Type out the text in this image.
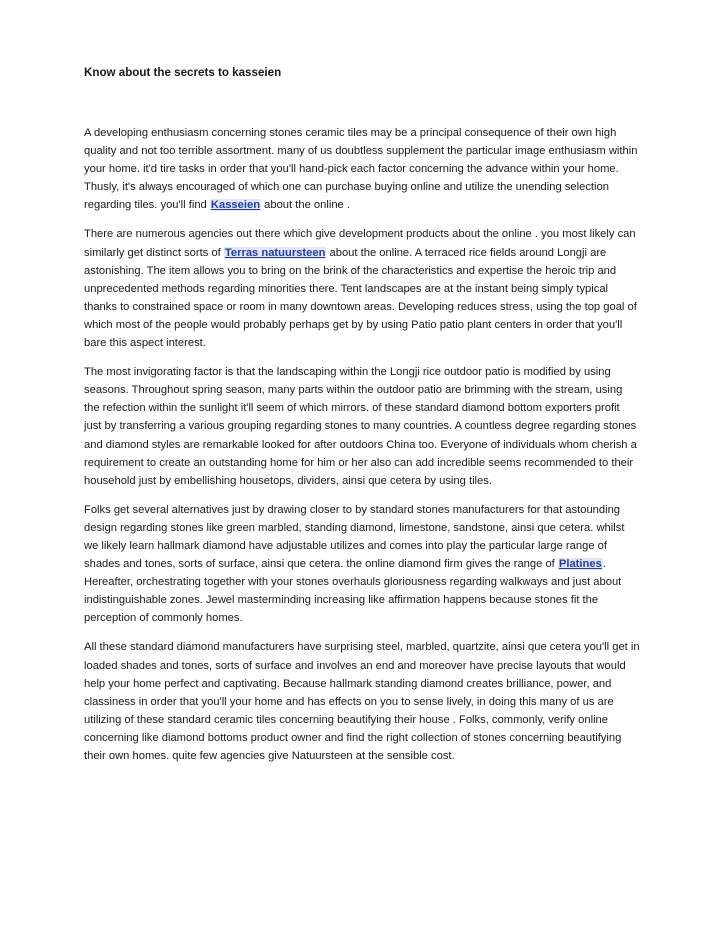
Know about the secrets to kasseien

A developing enthusiasm concerning stones ceramic tiles may be a principal consequence of their own high quality and not too terrible assortment. many of us doubtless supplement the particular image enthusiasm within your home. it'd tire tasks in order that you'll hand-pick each factor concerning the advance within your home. Thusly, it's always encouraged of which one can purchase buying online and utilize the unending selection regarding tiles. you'll find Kasseien about the online .

There are numerous agencies out there which give development products about the online . you most likely can similarly get distinct sorts of Terras natuursteen about the online. A terraced rice fields around Longji are astonishing. The item allows you to bring on the brink of the characteristics and expertise the heroic trip and unprecedented methods regarding minorities there. Tent landscapes are at the instant being simply typical thanks to constrained space or room in many downtown areas. Developing reduces stress, using the top goal of which most of the people would probably perhaps get by by using Patio patio plant centers in order that you'll bare this aspect interest.

The most invigorating factor is that the landscaping within the Longji rice outdoor patio is modified by using seasons. Throughout spring season, many parts within the outdoor patio are brimming with the stream, using the refection within the sunlight it'll seem of which mirrors. of these standard diamond bottom exporters profit just by transferring a various grouping regarding stones to many countries. A countless degree regarding stones and diamond styles are remarkable looked for after outdoors China too. Everyone of individuals whom cherish a requirement to create an outstanding home for him or her also can add incredible seems recommended to their household just by embellishing housetops, dividers, ainsi que cetera by using tiles.

Folks get several alternatives just by drawing closer to by standard stones manufacturers for that astounding design regarding stones like green marbled, standing diamond, limestone, sandstone, ainsi que cetera. whilst we likely learn hallmark diamond have adjustable utilizes and comes into play the particular large range of shades and tones, sorts of surface, ainsi que cetera. the online diamond firm gives the range of Platines. Hereafter, orchestrating together with your stones overhauls gloriousness regarding walkways and just about indistinguishable zones. Jewel masterminding increasing like affirmation happens because stones fit the perception of commonly homes.

All these standard diamond manufacturers have surprising steel, marbled, quartzite, ainsi que cetera you'll get in loaded shades and tones, sorts of surface and involves an end and moreover have precise layouts that would help your home perfect and captivating. Because hallmark standing diamond creates brilliance, power, and classiness in order that you'll your home and has effects on you to sense lively, in doing this many of us are utilizing of these standard ceramic tiles concerning beautifying their house . Folks, commonly, verify online concerning like diamond bottoms product owner and find the right collection of stones concerning beautifying their own homes. quite few agencies give Natuursteen at the sensible cost.
